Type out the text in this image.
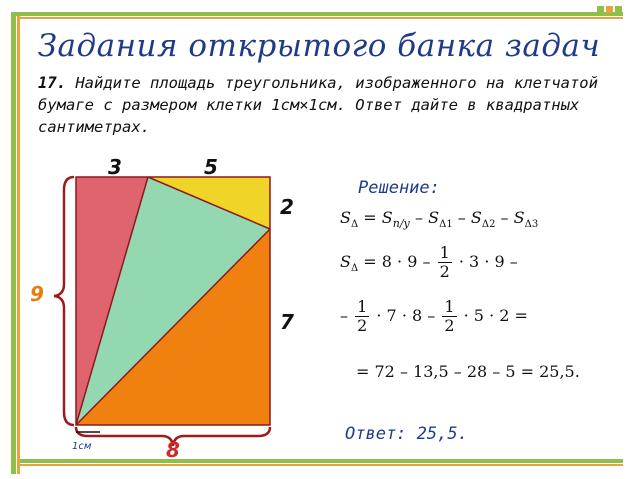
Задания открытого банка задач
17. Найдите площадь треугольника, изображенного на клетчатой бумаге с размером клетки 1см×1см. Ответ дайте в квадратных сантиметрах.
3	5
2
7
9
8
1см
Решение:
$S_\Delta = S_{п/у} - S_{\Delta 1} - S_{\Delta 2} - S_{\Delta 3}$
$S_\Delta = 8 \cdot 9 - \frac{1}{2} \cdot 3 \cdot 9$ –
– $\frac{1}{2} \cdot 7 \cdot 8 - \frac{1}{2} \cdot 5 \cdot 2$ =
= 72 – 13,5 – 28 – 5 = 25,5.
Ответ: 25,5.
